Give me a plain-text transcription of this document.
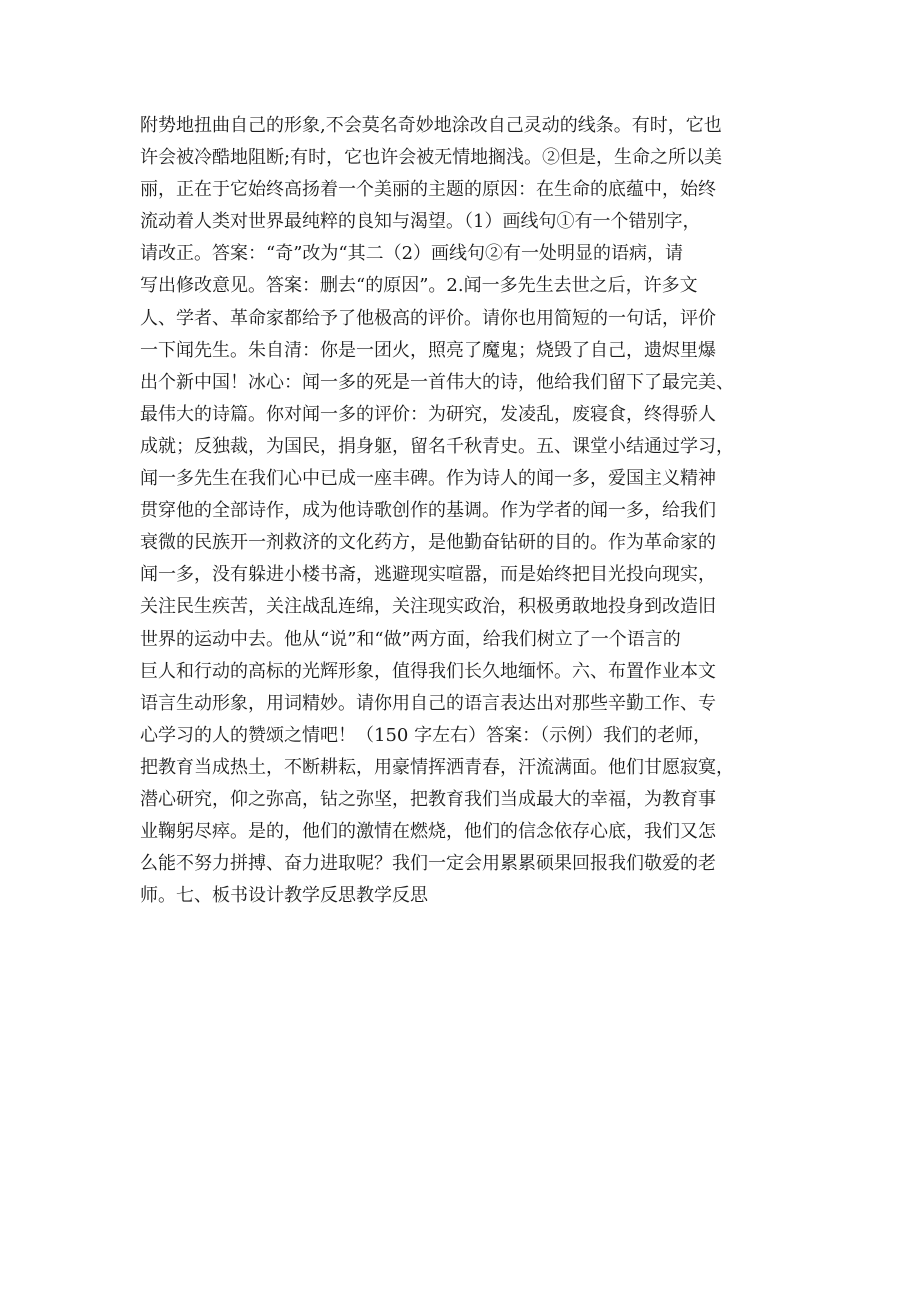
附势地扭曲自己的形象,不会莫名奇妙地涂改自己灵动的线条。有时，它也
许会被冷酷地阻断;有时，它也许会被无情地搁浅。②但是，生命之所以美
丽，正在于它始终高扬着一个美丽的主题的原因：在生命的底蕴中，始终
流动着人类对世界最纯粹的良知与渴望。（1）画线句①有一个错别字，
请改正。答案：“奇”改为“其二（2）画线句②有一处明显的语病，请
写出修改意见。答案：删去“的原因”。2.闻一多先生去世之后，许多文
人、学者、革命家都给予了他极高的评价。请你也用简短的一句话，评价
一下闻先生。朱自清：你是一团火，照亮了魔鬼；烧毁了自己，遗烬里爆
出个新中国！冰心：闻一多的死是一首伟大的诗，他给我们留下了最完美、
最伟大的诗篇。你对闻一多的评价：为研究，发凌乱，废寝食，终得骄人
成就；反独裁，为国民，捐身躯，留名千秋青史。五、课堂小结通过学习，
闻一多先生在我们心中已成一座丰碑。作为诗人的闻一多，爱国主义精神
贯穿他的全部诗作，成为他诗歌创作的基调。作为学者的闻一多，给我们
衰微的民族开一剂救济的文化药方，是他勤奋钻研的目的。作为革命家的
闻一多，没有躲进小楼书斋，逃避现实喧嚣，而是始终把目光投向现实，
关注民生疾苦，关注战乱连绵，关注现实政治，积极勇敢地投身到改造旧
世界的运动中去。他从“说”和“做”两方面，给我们树立了一个语言的
巨人和行动的高标的光辉形象，值得我们长久地缅怀。六、布置作业本文
语言生动形象，用词精妙。请你用自己的语言表达出对那些辛勤工作、专
心学习的人的赞颂之情吧！（150 字左右）答案：（示例）我们的老师，
把教育当成热土，不断耕耘，用豪情挥洒青春，汗流满面。他们甘愿寂寞，
潜心研究，仰之弥高，钻之弥坚，把教育我们当成最大的幸福，为教育事
业鞠躬尽瘁。是的，他们的激情在燃烧，他们的信念依存心底，我们又怎
么能不努力拼搏、奋力进取呢？我们一定会用累累硕果回报我们敬爱的老
师。七、板书设计教学反思教学反思
